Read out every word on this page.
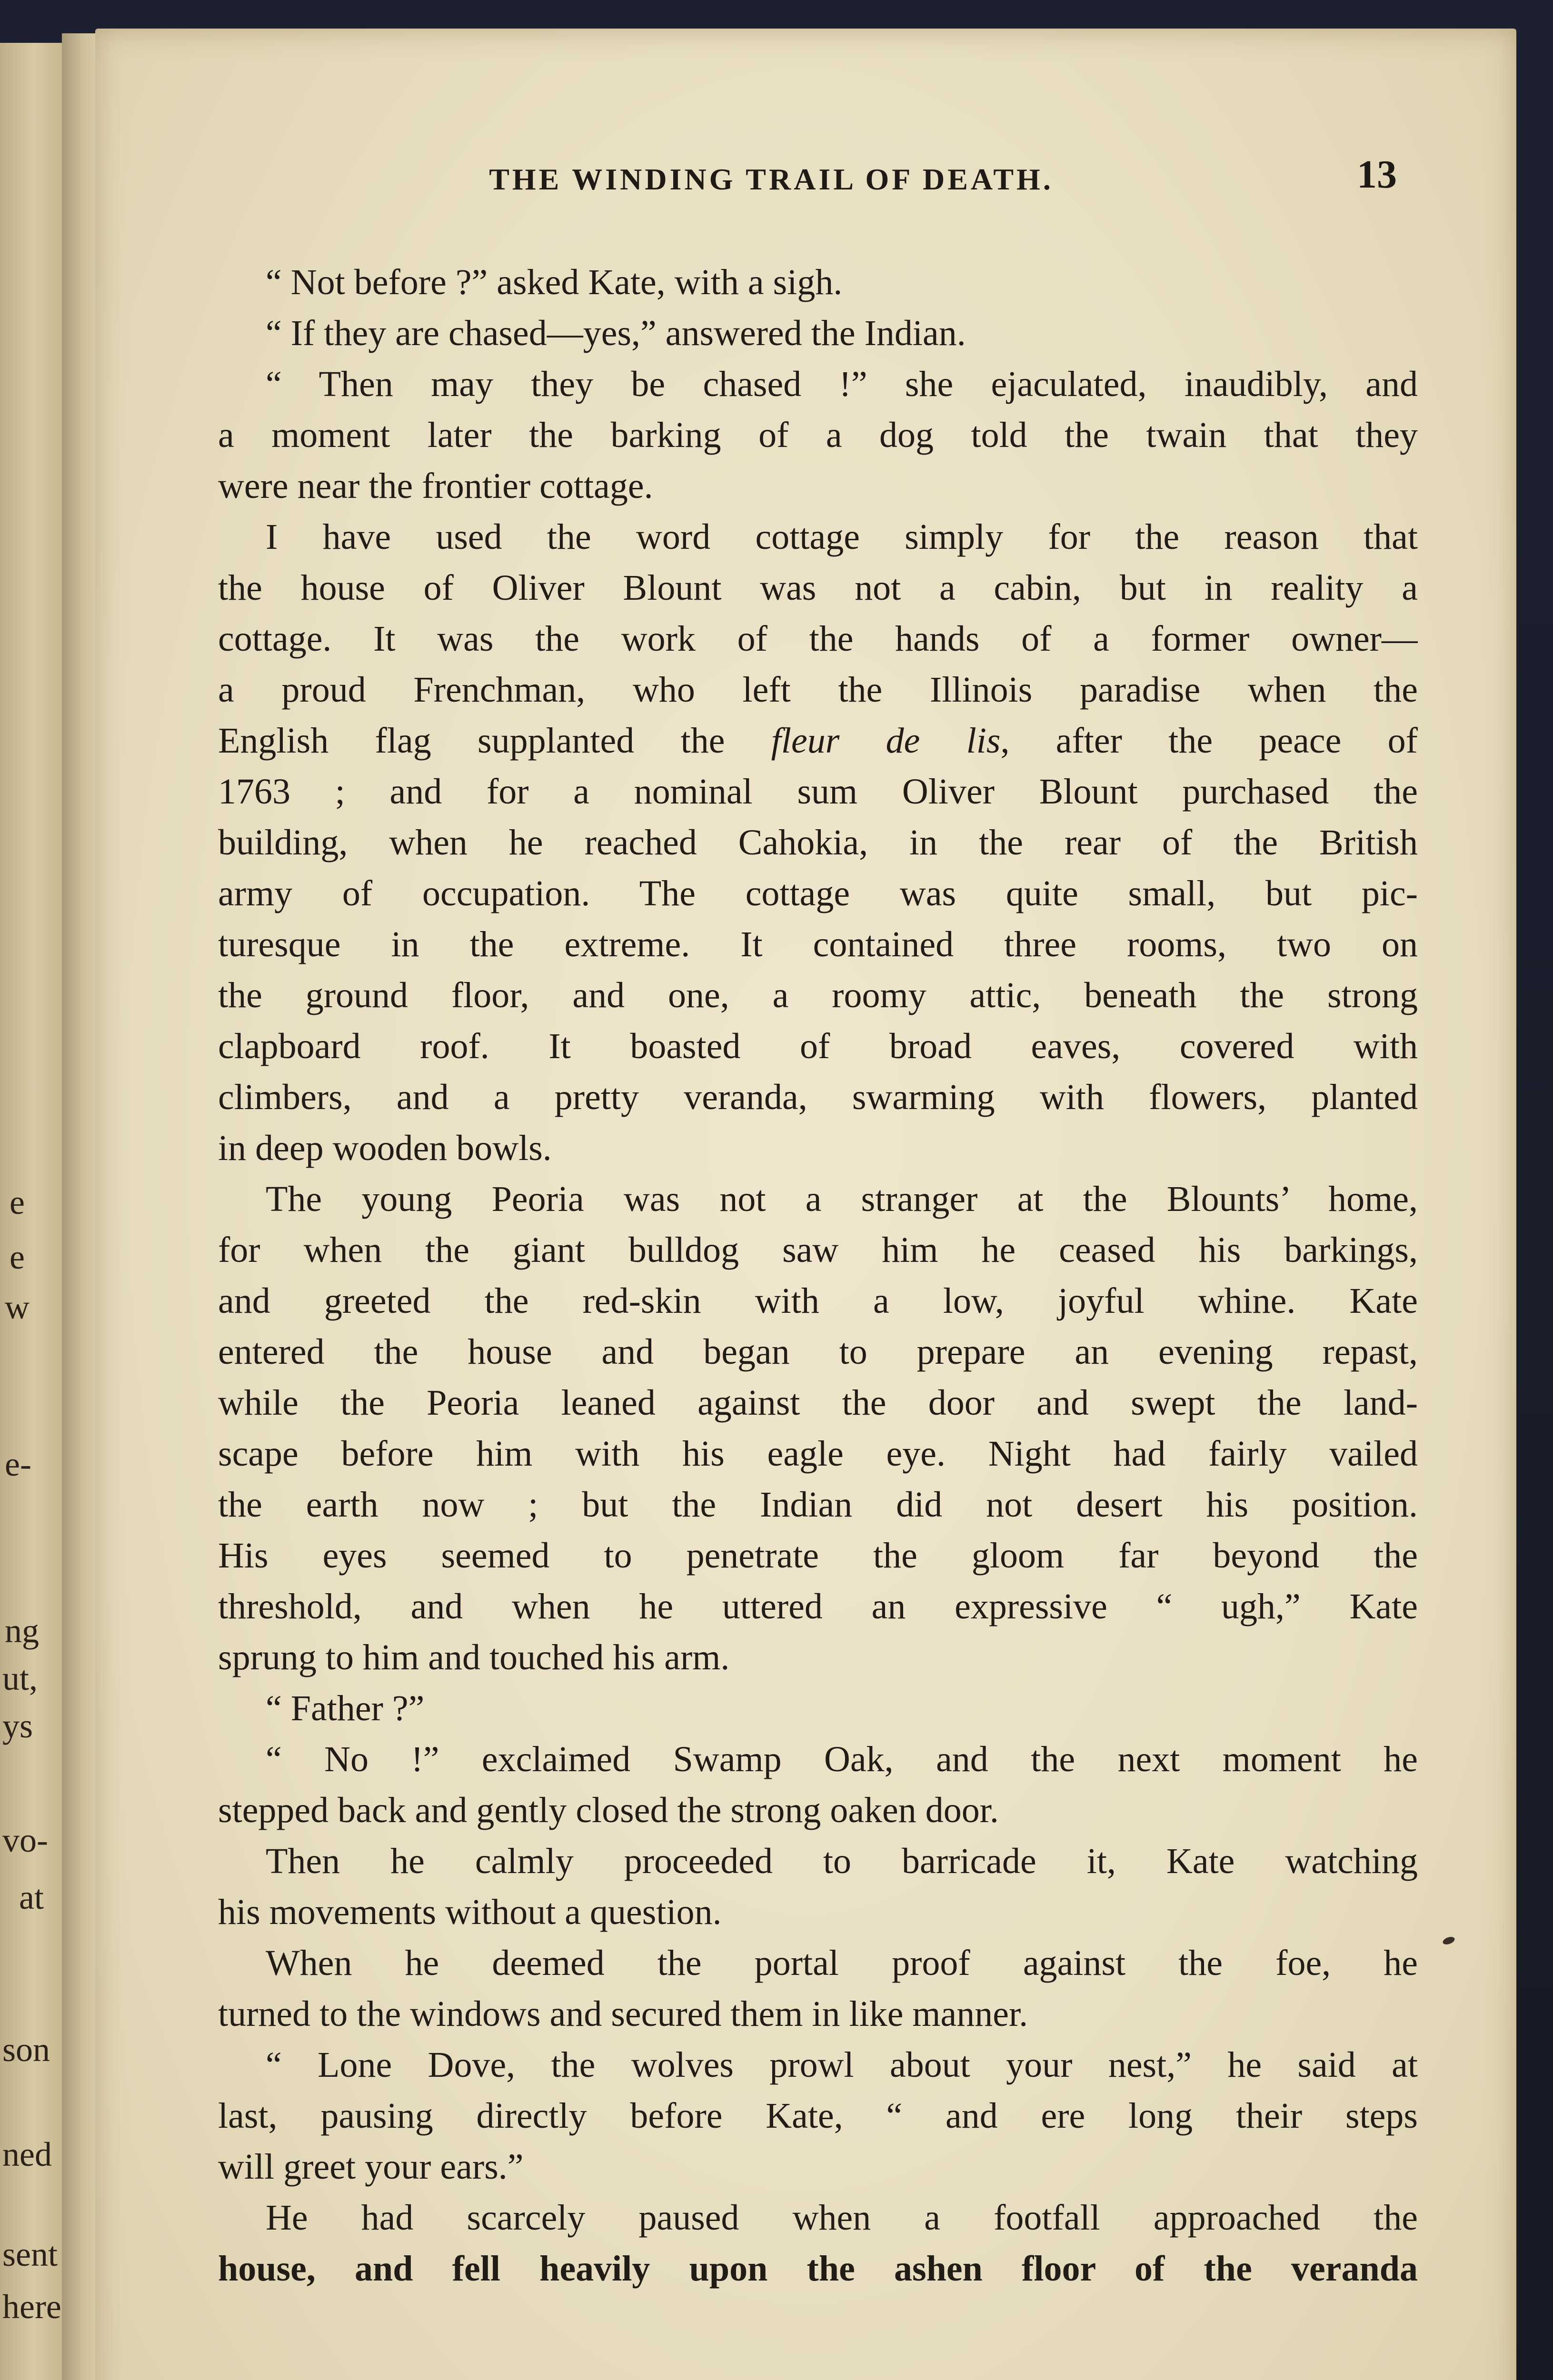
e
e
w
e-
ng
ut,
ys
vo-
at
son
ned
sent
here
THE WINDING TRAIL OF DEATH.	13
“ Not before ?” asked Kate, with a sigh.
“ If they are chased—yes,” answered the Indian.
“ Then may they be chased !” she ejaculated, inaudibly, and
a moment later the barking of a dog told the twain that they
were near the frontier cottage.
I have used the word cottage simply for the reason that
the house of Oliver Blount was not a cabin, but in reality a
cottage. It was the work of the hands of a former owner—
a proud Frenchman, who left the Illinois paradise when the
English flag supplanted the fleur de lis, after the peace of
1763 ; and for a nominal sum Oliver Blount purchased the
building, when he reached Cahokia, in the rear of the British
army of occupation. The cottage was quite small, but pic-
turesque in the extreme. It contained three rooms, two on
the ground floor, and one, a roomy attic, beneath the strong
clapboard roof. It boasted of broad eaves, covered with
climbers, and a pretty veranda, swarming with flowers, planted
in deep wooden bowls.
The young Peoria was not a stranger at the Blounts’ home,
for when the giant bulldog saw him he ceased his barkings,
and greeted the red-skin with a low, joyful whine. Kate
entered the house and began to prepare an evening repast,
while the Peoria leaned against the door and swept the land-
scape before him with his eagle eye. Night had fairly vailed
the earth now ; but the Indian did not desert his position.
His eyes seemed to penetrate the gloom far beyond the
threshold, and when he uttered an expressive “ ugh,” Kate
sprung to him and touched his arm.
“ Father ?”
“ No !” exclaimed Swamp Oak, and the next moment he
stepped back and gently closed the strong oaken door.
Then he calmly proceeded to barricade it, Kate watching
his movements without a question.
When he deemed the portal proof against the foe, he
turned to the windows and secured them in like manner.
“ Lone Dove, the wolves prowl about your nest,” he said at
last, pausing directly before Kate, “ and ere long their steps
will greet your ears.”
He had scarcely paused when a footfall approached the
house, and fell heavily upon the ashen floor of the veranda
